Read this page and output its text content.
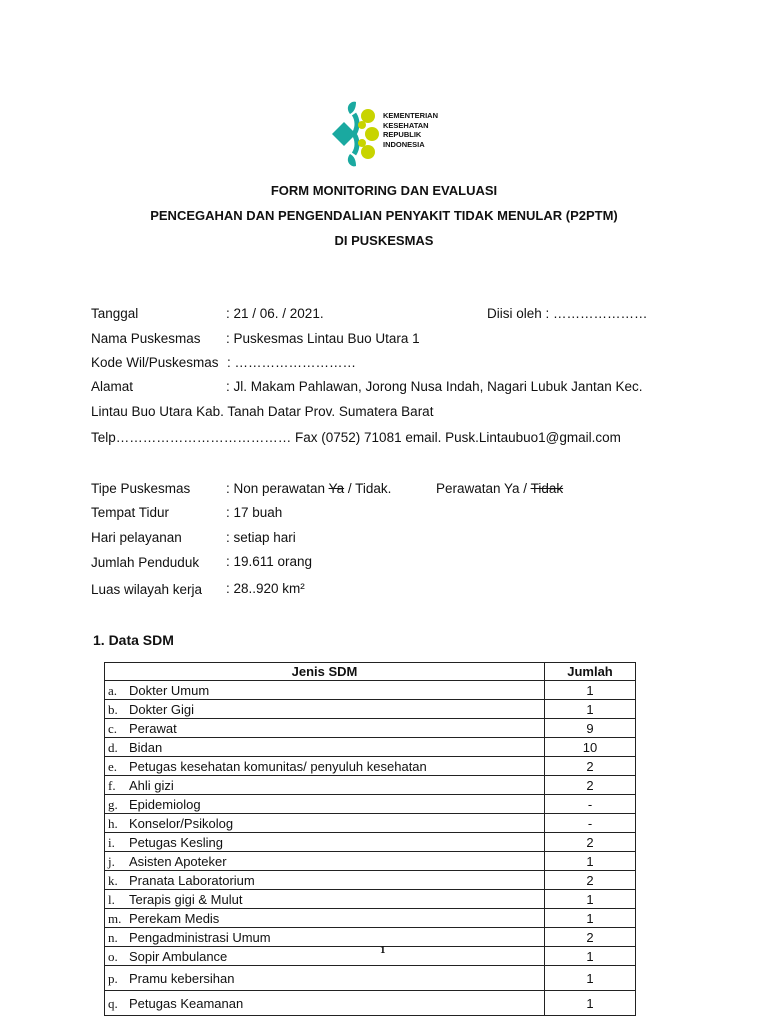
KEMENTERIAN
KESEHATAN
REPUBLIK
INDONESIA
FORM MONITORING DAN EVALUASI
PENCEGAHAN DAN PENGENDALIAN PENYAKIT TIDAK MENULAR (P2PTM)
DI PUSKESMAS
Tanggal	: 21 / 06. / 2021.	Diisi oleh : …………………
Nama Puskesmas : Puskesmas Lintau Buo Utara 1
Kode Wil/Puskesmas : ………………………
Alamat	: Jl. Makam Pahlawan, Jorong Nusa Indah, Nagari Lubuk Jantan Kec.
Lintau Buo Utara Kab. Tanah Datar Prov. Sumatera Barat
Telp………………………………… Fax (0752) 71081 email. Pusk.Lintaubuo1@gmail.com
Tipe Puskesmas	: Non perawatan Ya / Tidak.	Perawatan Ya / Tidak
Tempat Tidur	: 17 buah
Hari pelayanan	: setiap hari
Jumlah Penduduk : 19.611 orang
Luas wilayah kerja : 28..920 km²
1. Data SDM
Jenis SDM	Jumlah
a. Dokter Umum	1
b. Dokter Gigi	1
c. Perawat	9
d. Bidan	10
e. Petugas kesehatan komunitas/ penyuluh kesehatan	2
f. Ahli gizi	2
g. Epidemiolog	-
h. Konselor/Psikolog	-
i. Petugas Kesling	2
j. Asisten Apoteker	1
k. Pranata Laboratorium	2
l. Terapis gigi & Mulut	1
m. Perekam Medis	1
n. Pengadministrasi Umum	2
o. Sopir Ambulance	1
p. Pramu kebersihan	1
q. Petugas Keamanan	1
1
